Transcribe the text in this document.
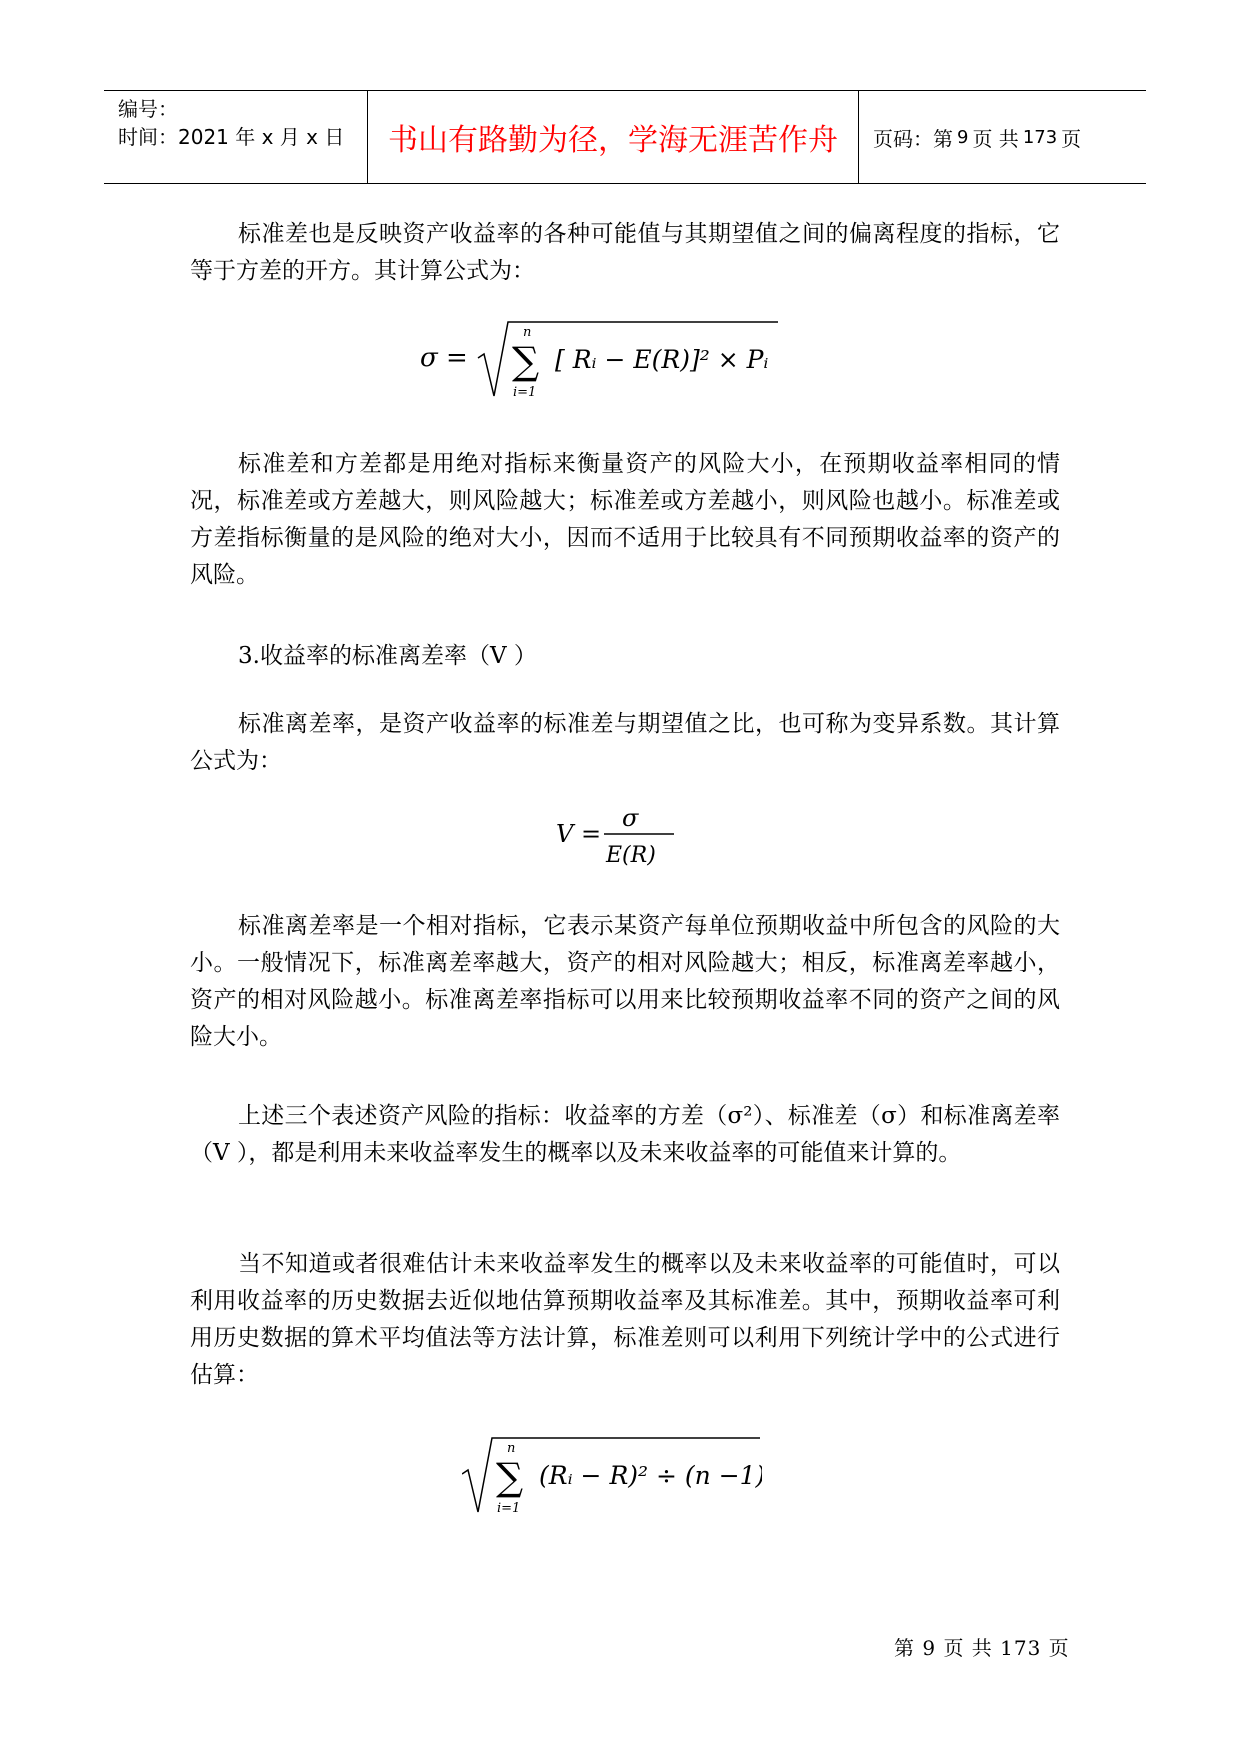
编号：
时间：2021 年 x 月 x 日	书山有路勤为径，学海无涯苦作舟	页码：第 9 页 共 173 页

标准差也是反映资产收益率的各种可能值与其期望值之间的偏离程度的指标，它等于方差的开方。其计算公式为：

σ =
n
∑
i=1
[ Rᵢ − E(R)]² × Pᵢ

标准差和方差都是用绝对指标来衡量资产的风险大小，在预期收益率相同的情况，标准差或方差越大，则风险越大；标准差或方差越小，则风险也越小。标准差或方差指标衡量的是风险的绝对大小，因而不适用于比较具有不同预期收益率的资产的风险。

3.收益率的标准离差率（V ）

标准离差率，是资产收益率的标准差与期望值之比，也可称为变异系数。其计算公式为：

V =
σ
E(R)

标准离差率是一个相对指标，它表示某资产每单位预期收益中所包含的风险的大小。一般情况下，标准离差率越大，资产的相对风险越大；相反，标准离差率越小，资产的相对风险越小。标准离差率指标可以用来比较预期收益率不同的资产之间的风险大小。

上述三个表述资产风险的指标：收益率的方差（σ²）、标准差（σ）和标准离差率（V ），都是利用未来收益率发生的概率以及未来收益率的可能值来计算的。

当不知道或者很难估计未来收益率发生的概率以及未来收益率的可能值时，可以利用收益率的历史数据去近似地估算预期收益率及其标准差。其中，预期收益率可利用历史数据的算术平均值法等方法计算，标准差则可以利用下列统计学中的公式进行估算：

n
∑
i=1
(Rᵢ − R)² ÷ (n −1)
第 9 页 共 173 页
